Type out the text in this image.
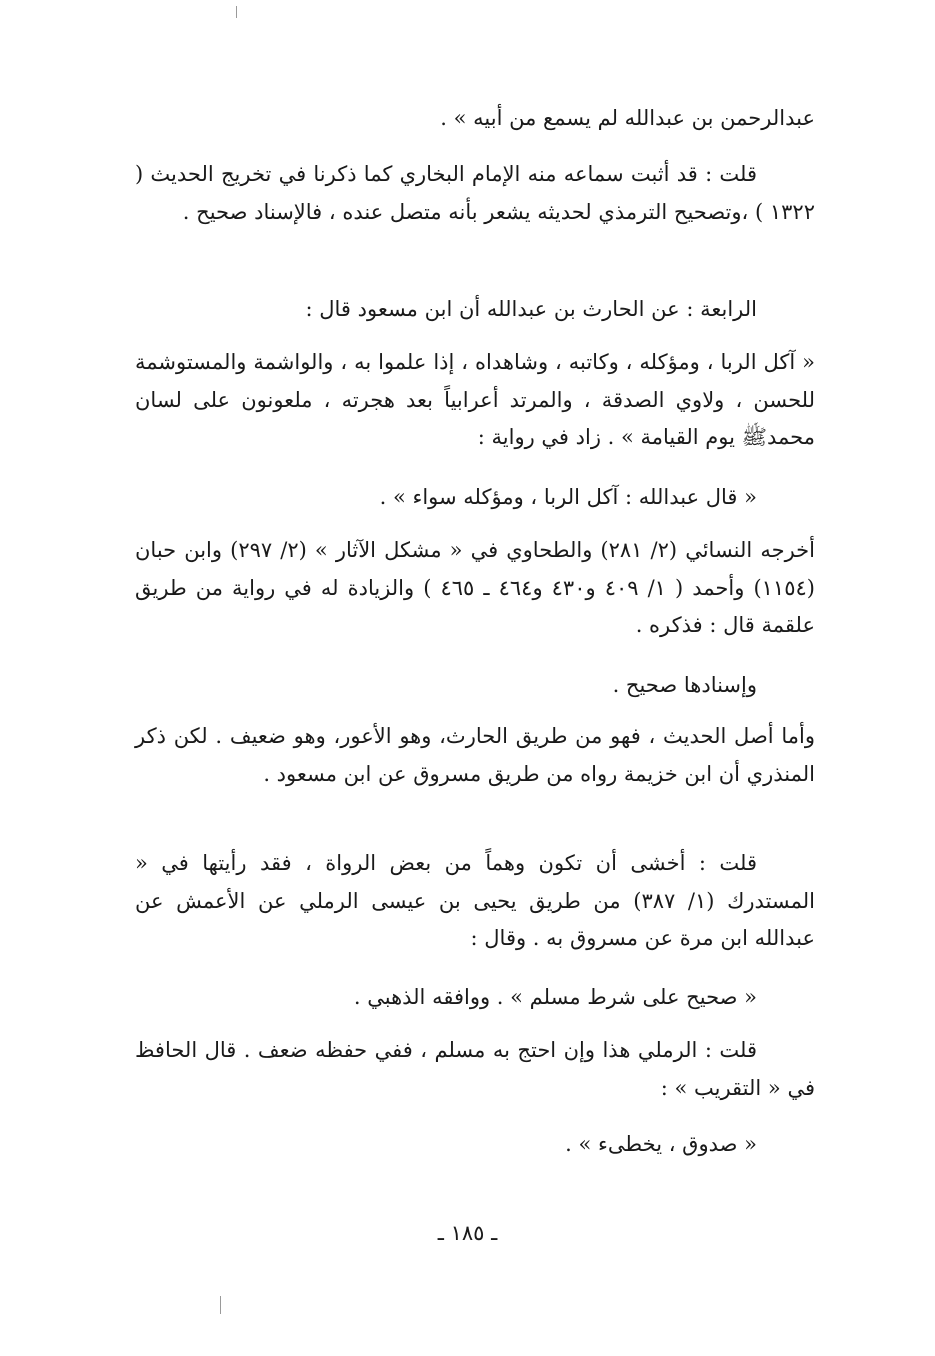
عبدالرحمن بن عبدالله لم يسمع من أبيه » .

قلت : قد أثبت سماعه منه الإمام البخاري كما ذكرنا في تخريج الحديث ( ١٣٢٢ ) ،وتصحيح الترمذي لحديثه يشعر بأنه متصل عنده ، فالإسناد صحيح .

الرابعة : عن الحارث بن عبدالله أن ابن مسعود قال :

« آكل الربا ، ومؤكله ، وكاتبه ، وشاهداه ، إذا علموا به ، والواشمة والمستوشمة للحسن ، ولاوي الصدقة ، والمرتد أعرابياً بعد هجرته ، ملعونون على لسان محمدﷺ يوم القيامة » . زاد في رواية :

« قال عبدالله : آكل الربا ، ومؤكله سواء » .

أخرجه النسائي (٢/ ٢٨١) والطحاوي في « مشكل الآثار » (٢/ ٢٩٧) وابن حبان (١١٥٤) وأحمد ( ١/ ٤٠٩ و٤٣٠ و٤٦٤ ـ ٤٦٥ ) والزيادة له في رواية من طريق علقمة قال : فذكره .

وإسنادها صحيح .

وأما أصل الحديث ، فهو من طريق الحارث، وهو الأعور، وهو ضعيف . لكن ذكر المنذري أن ابن خزيمة رواه من طريق مسروق عن ابن مسعود .

قلت : أخشى أن تكون وهماً من بعض الرواة ، فقد رأيتها في « المستدرك (١/ ٣٨٧) من طريق يحيى بن عيسى الرملي عن الأعمش عن عبدالله ابن مرة عن مسروق به . وقال :

« صحيح على شرط مسلم » . ووافقه الذهبي .

قلت : الرملي هذا وإن احتج به مسلم ، ففي حفظه ضعف . قال الحافظ في « التقريب » :

« صدوق ، يخطىء » .

ـ ١٨٥ ـ
